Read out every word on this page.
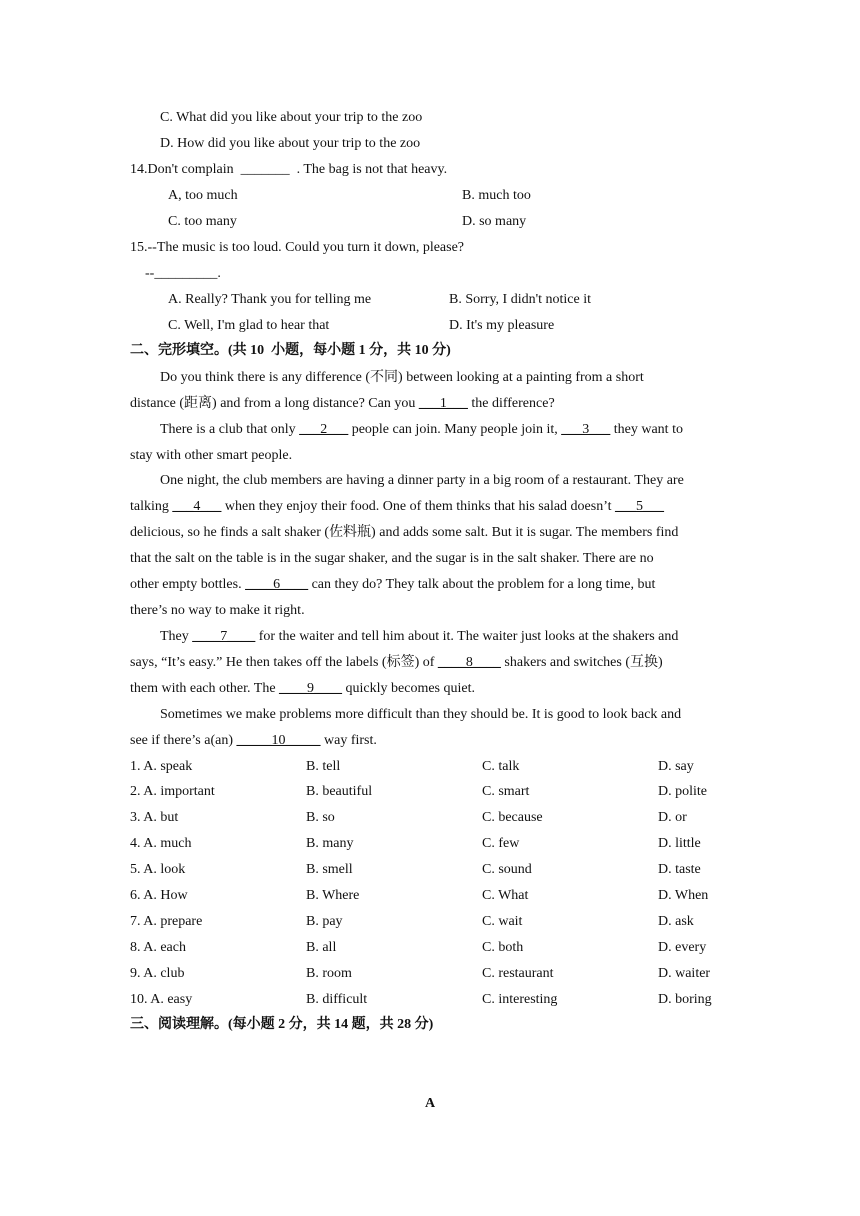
C. What did you like about your trip to the zoo
D. How did you like about your trip to the zoo
14.Don't complain  _______  . The bag is not that heavy.
A, too much	B. much too
C. too many	D. so many
15.--The music is too loud. Could you turn it down, please?
--_________.
A. Really? Thank you for telling me	B. Sorry, I didn't notice it
C. Well, I'm glad to hear that	D. It's my pleasure
二、完形填空。(共 10  小题，每小题 1 分，共 10 分)
Do you think there is any difference (不同) between looking at a painting from a short
distance (距离) and from a long distance? Can you ___1___ the difference?
There is a club that only ___2___ people can join. Many people join it, ___3___ they want to
stay with other smart people.
One night, the club members are having a dinner party in a big room of a restaurant. They are
talking ___4___ when they enjoy their food. One of them thinks that his salad doesn’t ___5___
delicious, so he finds a salt shaker (佐料瓶) and adds some salt. But it is sugar. The members find
that the salt on the table is in the sugar shaker, and the sugar is in the salt shaker. There are no
other empty bottles. ____6____ can they do? They talk about the problem for a long time, but
there’s no way to make it right.
They ____7____ for the waiter and tell him about it. The waiter just looks at the shakers and
says, “It’s easy.” He then takes off the labels (标签) of ____8____ shakers and switches (互换)
them with each other. The ____9____ quickly becomes quiet.
Sometimes we make problems more difficult than they should be. It is good to look back and
see if there’s a(an) _____10_____ way first.
1. A. speak	B. tell	C. talk	D. say
2. A. important	B. beautiful	C. smart	D. polite
3. A. but	B. so	C. because	D. or
4. A. much	B. many	C. few	D. little
5. A. look	B. smell	C. sound	D. taste
6. A. How	B. Where	C. What	D. When
7. A. prepare	B. pay	C. wait	D. ask
8. A. each	B. all	C. both	D. every
9. A. club	B. room	C. restaurant	D. waiter
10. A. easy	B. difficult	C. interesting	D. boring
三、阅读理解。(每小题 2 分，共 14 题，共 28 分)
A
